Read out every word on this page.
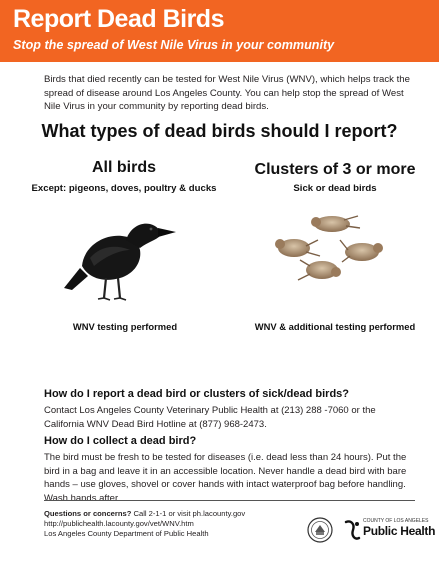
Report Dead Birds
Stop the spread of West Nile Virus in your community
Birds that died recently can be tested for West Nile Virus (WNV), which helps track the spread of disease around Los Angeles County. You can help stop the spread of West Nile Virus in your community by reporting dead birds.
What types of dead birds should I report?
All birds
Except: pigeons, doves, poultry & ducks
WNV testing performed
Clusters of 3 or more
Sick or dead birds
WNV & additional testing performed
How do I report a dead bird or clusters of sick/dead birds?
Contact Los Angeles County Veterinary Public Health at (213) 288 -7060 or the California WNV Dead Bird Hotline at (877) 968-2473.
How do I collect a dead bird?
The bird must be fresh to be tested for diseases (i.e. dead less than 24 hours). Put the bird in a bag and leave it in an accessible location. Never handle a dead bird with bare hands – use gloves, shovel or cover hands with intact waterproof bag before handling. Wash hands after.
Questions or concerns? Call 2-1-1 or visit ph.lacounty.gov
http://publichealth.lacounty.gov/vet/WNV.htm
Los Angeles County Department of Public Health
COUNTY OF LOS ANGELES
Public Health
